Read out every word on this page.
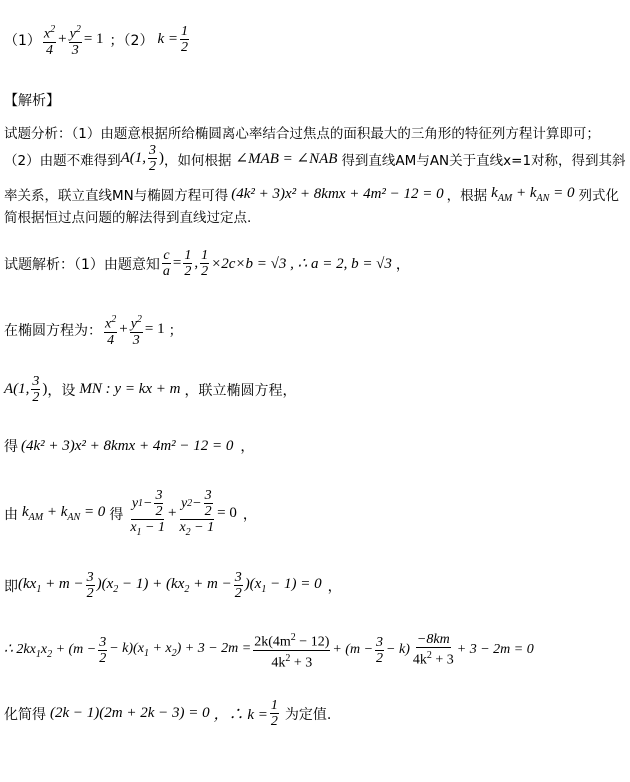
$(1) \frac{x^2}{4} + \frac{y^2}{3} = 1$ ；（2） $k = \frac{1}{2}$
【解析】
试题分析：（1）由题意根据所给椭圆离心率结合过焦点的面积最大的三角形的特征列方程计算即可；
（2）由题不难得到 A(1, $\frac{3}{2}$ ) ，如何根据 ∠MAB = ∠NAB 得到直线AM与AN关于直线x=1对称，得到其斜
率关系，联立直线MN与椭圆方程可得 (4k² + 3)x² + 8kmx + 4m² − 12 = 0 ，根据 $k_{AM} + k_{AN} = 0$ 列式化
简根据恒过点问题的解法得到直线过定点.
试题解析：（1）由题意知 $\frac{c}{a} = \frac{1}{2}$ , $\frac{1}{2} \times 2c\times b = √3$ , ∴ a = 2, b = √3 ，
在椭圆方程为： $\frac{x^2}{4} + \frac{y^2}{3} = 1$ ；
A(1, $\frac{3}{2}$ ) ，设 MN : y = kx + m ，联立椭圆方程，
得 (4k² + 3)x² + 8kmx + 4m² − 12 = 0 ，
由 $k_{AM} + k_{AN} = 0$ 得 $\frac{y 1 - \frac{3}{2}}{x_1 - 1} + \frac{y 2 - \frac{3}{2}}{x_2 - 1} = 0$ ，
即 $(kx_1 + m - \frac{3}{2} )(x_2 - 1) + (kx_2 + m - \frac{3}{2} )(x_1 - 1) = 0$ ，
∴ $2kx_1x_2 + (m - \frac{3}{2} - k)(x_1 + x_2) + 3 - 2m = \frac{2k(4m^2 - 12)}{4k^2 + 3} + (m - \frac{3}{2} - k) \frac{-8km}{4k^2 + 3} + 3 - 2m = 0$
化简得 (2k − 1)(2m + 2k − 3) = 0 ，∴ $k = \frac{1}{2}$ 为定值.
